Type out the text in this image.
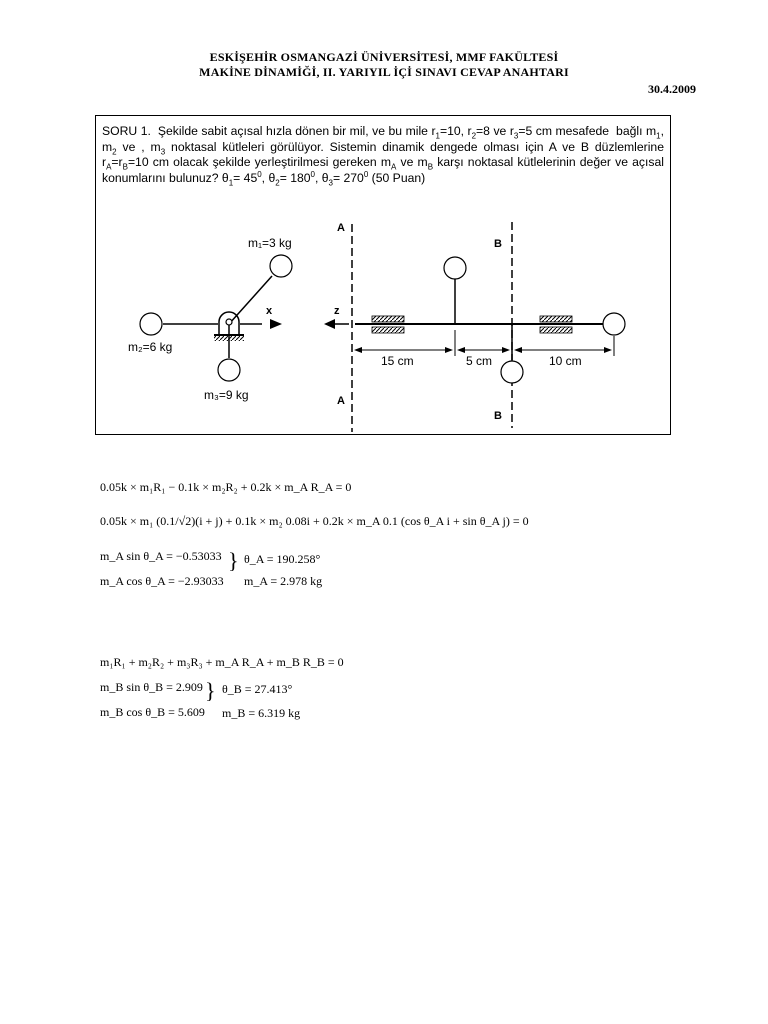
ESKİŞEHİR OSMANGAZİ ÜNİVERSİTESİ, MMF FAKÜLTESİ
MAKİNE DİNAMİĞİ, II. YARIYIL İÇİ SINAVI CEVAP ANAHTARI
30.4.2009
SORU 1.  Şekilde sabit açısal hızla dönen bir mil, ve bu mile $r_1=10$, $r_2=8$ ve $r_3=5$ cm mesafede  bağlı $m_1$, $m_2$ ve , $m_3$ noktasal kütleleri görülüyor. Sistemin dinamik dengede olması için A ve B düzlemlerine $r_A=r_B=10$ cm olacak şekilde yerleştirilmesi gereken $m_A$ ve $m_B$ karşı noktasal kütlelerinin değer ve açısal konumlarını bulunuz? $\theta_1= 45^0$, $\theta_2= 180^0$, $\theta_3= 270^0$ (50 Puan)
m₁=3 kg
m₂=6 kg
m₃=9 kg
x	z
A
A
B
B
15 cm	5 cm	10 cm
0.05k × m₁R₁ − 0.1k × m₂R₂ + 0.2k × m_A R_A = 0
0.05k × m₁ (0.1/√2)(i + j) + 0.1k × m₂ 0.08i + 0.2k × m_A 0.1 (cos θ_A i + sin θ_A j) = 0
m_A sin θ_A = −0.53033
m_A cos θ_A = −2.93033
} θ_A = 190.258°
m_A = 2.978 kg
m₁R₁ + m₂R₂ + m₃R₃ + m_A R_A + m_B R_B = 0
m_B sin θ_B = 2.909
m_B cos θ_B = 5.609
} θ_B = 27.413°
m_B = 6.319 kg
